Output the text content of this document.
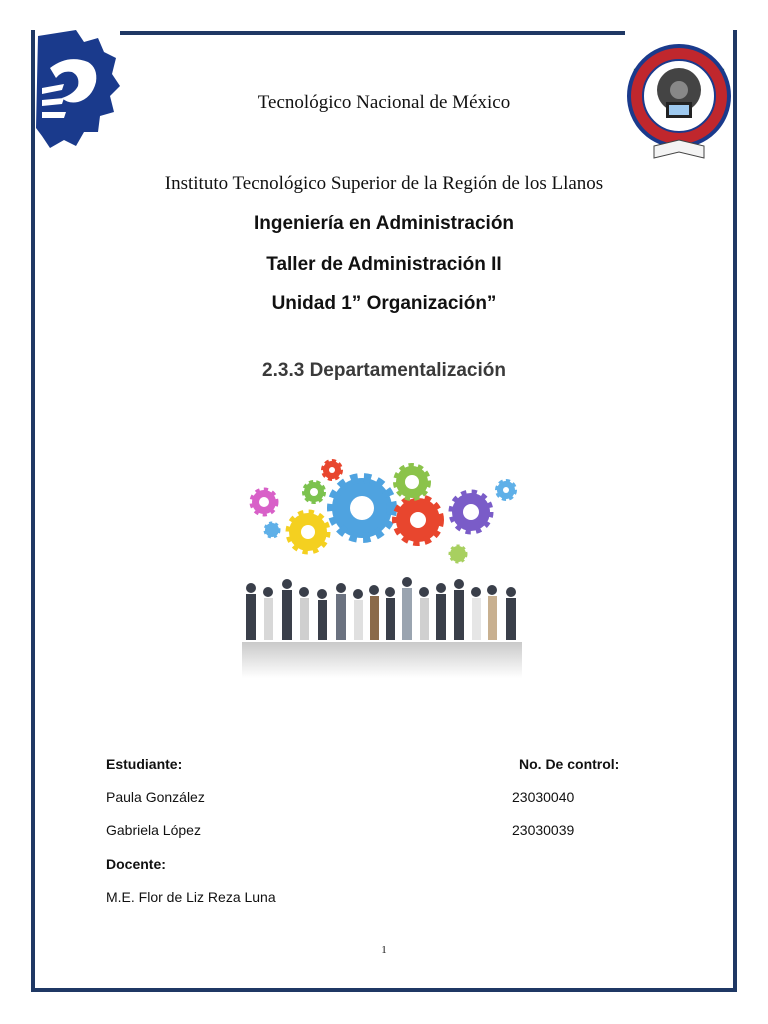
Tecnológico Nacional de México
Instituto Tecnológico Superior de la Región de los Llanos
Ingeniería en Administración
Taller de Administración II
Unidad 1” Organización”
2.3.3 Departamentalización
Estudiante:	No. De control:
Paula González	23030040
Gabriela López	23030039
Docente:
M.E. Flor de Liz Reza Luna
1
